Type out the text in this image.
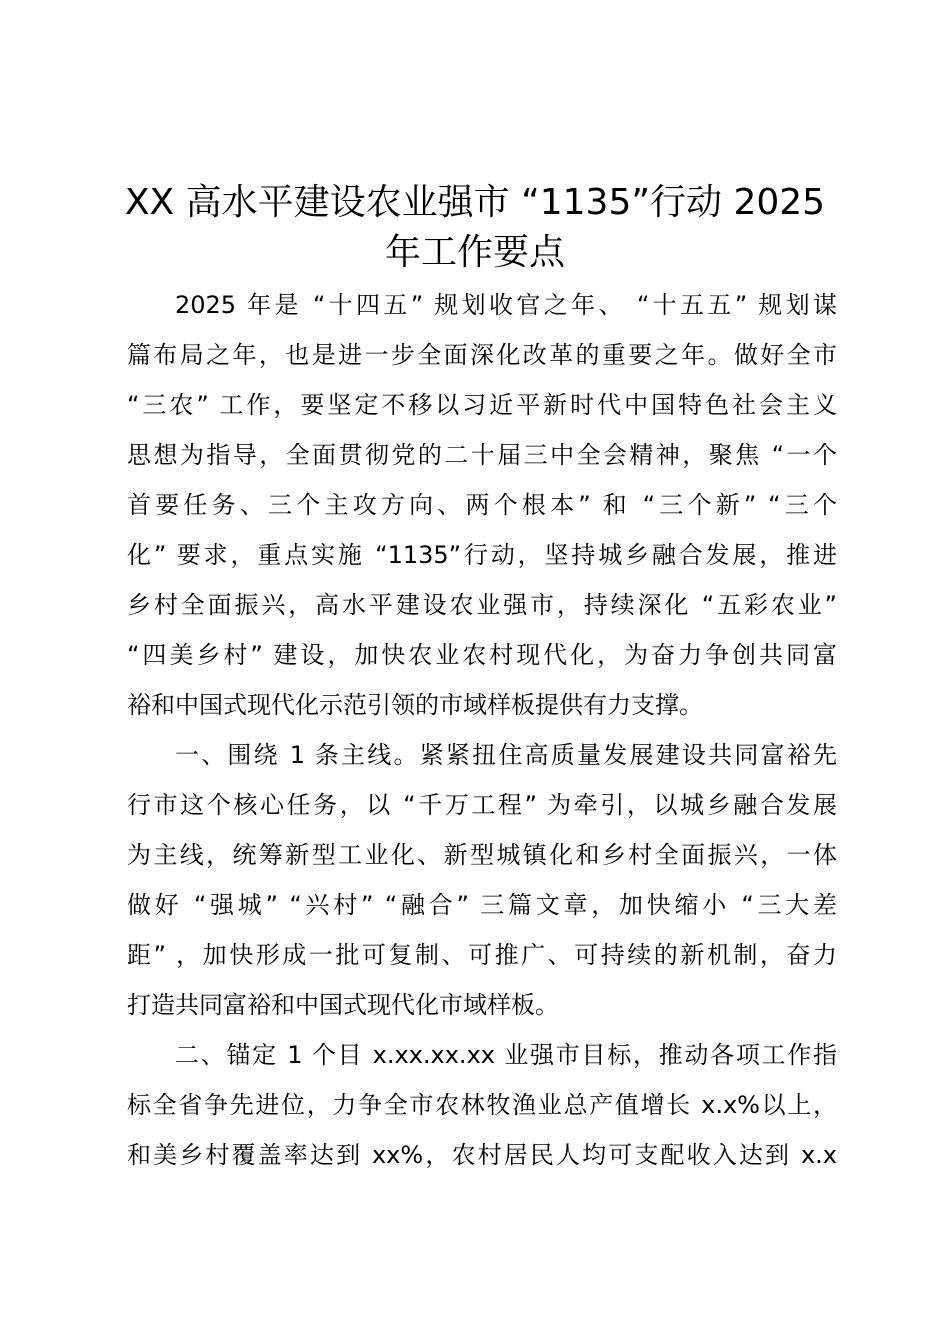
XX 高水平建设农业强市 “1135”行动 2025
年工作要点
2025 年是 “十四五” 规划收官之年、 “十五五” 规划谋
篇布局之年，也是进一步全面深化改革的重要之年。做好全市
“三农” 工作，要坚定不移以习近平新时代中国特色社会主义
思想为指导，全面贯彻党的二十届三中全会精神，聚焦 “一个
首要任务、三个主攻方向、两个根本” 和 “三个新” “三个
化” 要求，重点实施 “1135”行动，坚持城乡融合发展，推进
乡村全面振兴，高水平建设农业强市，持续深化 “五彩农业”
“四美乡村” 建设，加快农业农村现代化，为奋力争创共同富
裕和中国式现代化示范引领的市域样板提供有力支撑。
一、围绕 1 条主线。紧紧扭住高质量发展建设共同富裕先
行市这个核心任务，以 “千万工程” 为牵引，以城乡融合发展
为主线，统筹新型工业化、新型城镇化和乡村全面振兴，一体
做好 “强城” “兴村” “融合” 三篇文章，加快缩小 “三大差
距” ，加快形成一批可复制、可推广、可持续的新机制，奋力
打造共同富裕和中国式现代化市域样板。
二、锚定 1 个目 x.xx.xx.xx 业强市目标，推动各项工作指
标全省争先进位，力争全市农林牧渔业总产值增长 x.x%以上，
和美乡村覆盖率达到 xx%，农村居民人均可支配收入达到 x.x
